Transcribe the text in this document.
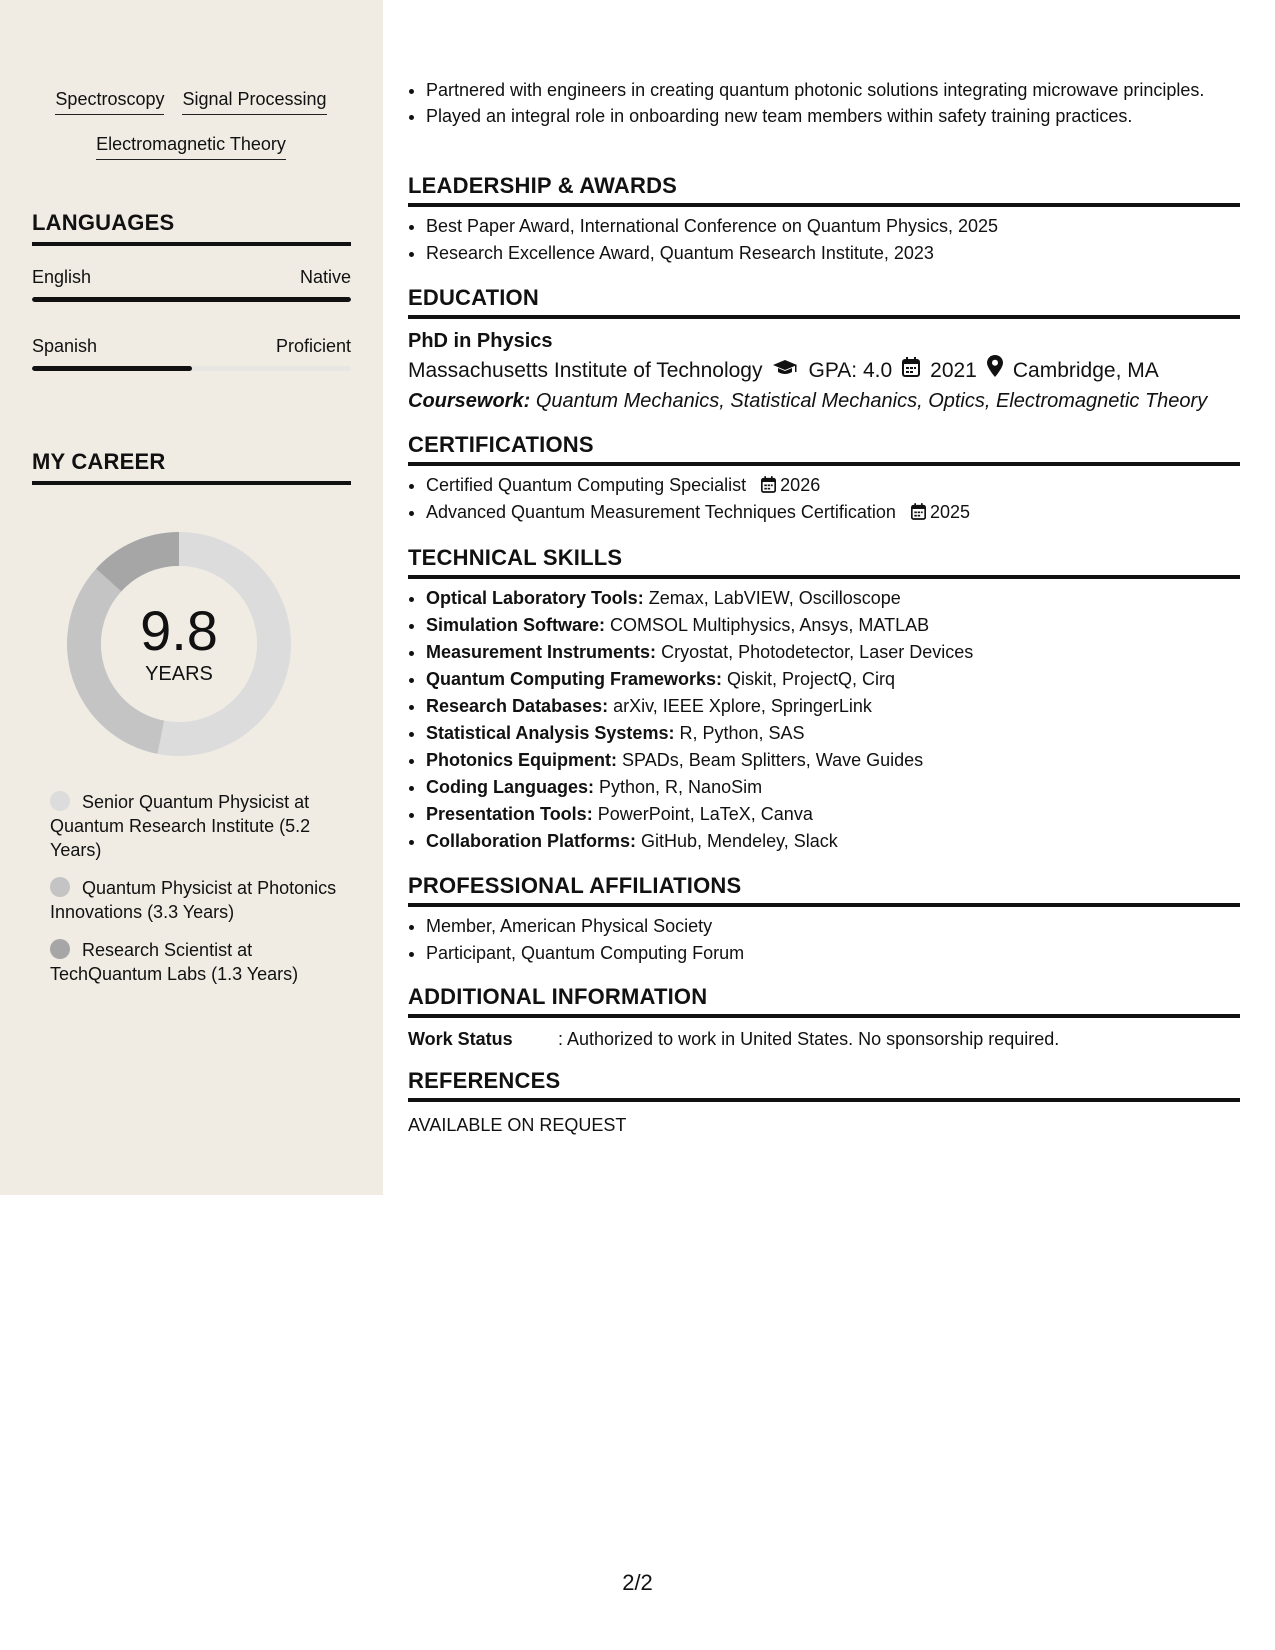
Spectroscopy Signal Processing
Electromagnetic Theory
LANGUAGES
English	Native
Spanish	Proficient
MY CAREER
9.8
YEARS
Senior Quantum Physicist at Quantum Research Institute (5.2 Years)
Quantum Physicist at Photonics Innovations (3.3 Years)
Research Scientist at TechQuantum Labs (1.3 Years)
• Partnered with engineers in creating quantum photonic solutions integrating microwave principles.
• Played an integral role in onboarding new team members within safety training practices.
LEADERSHIP & AWARDS
• Best Paper Award, International Conference on Quantum Physics, 2025
• Research Excellence Award, Quantum Research Institute, 2023
EDUCATION
PhD in Physics
Massachusetts Institute of Technology GPA: 4.0 2021 Cambridge, MA
Coursework: Quantum Mechanics, Statistical Mechanics, Optics, Electromagnetic Theory
CERTIFICATIONS
• Certified Quantum Computing Specialist 2026
• Advanced Quantum Measurement Techniques Certification 2025
TECHNICAL SKILLS
• Optical Laboratory Tools: Zemax, LabVIEW, Oscilloscope
• Simulation Software: COMSOL Multiphysics, Ansys, MATLAB
• Measurement Instruments: Cryostat, Photodetector, Laser Devices
• Quantum Computing Frameworks: Qiskit, ProjectQ, Cirq
• Research Databases: arXiv, IEEE Xplore, SpringerLink
• Statistical Analysis Systems: R, Python, SAS
• Photonics Equipment: SPADs, Beam Splitters, Wave Guides
• Coding Languages: Python, R, NanoSim
• Presentation Tools: PowerPoint, LaTeX, Canva
• Collaboration Platforms: GitHub, Mendeley, Slack
PROFESSIONAL AFFILIATIONS
• Member, American Physical Society
• Participant, Quantum Computing Forum
ADDITIONAL INFORMATION
Work Status	: Authorized to work in United States. No sponsorship required.
REFERENCES
AVAILABLE ON REQUEST
2/2
